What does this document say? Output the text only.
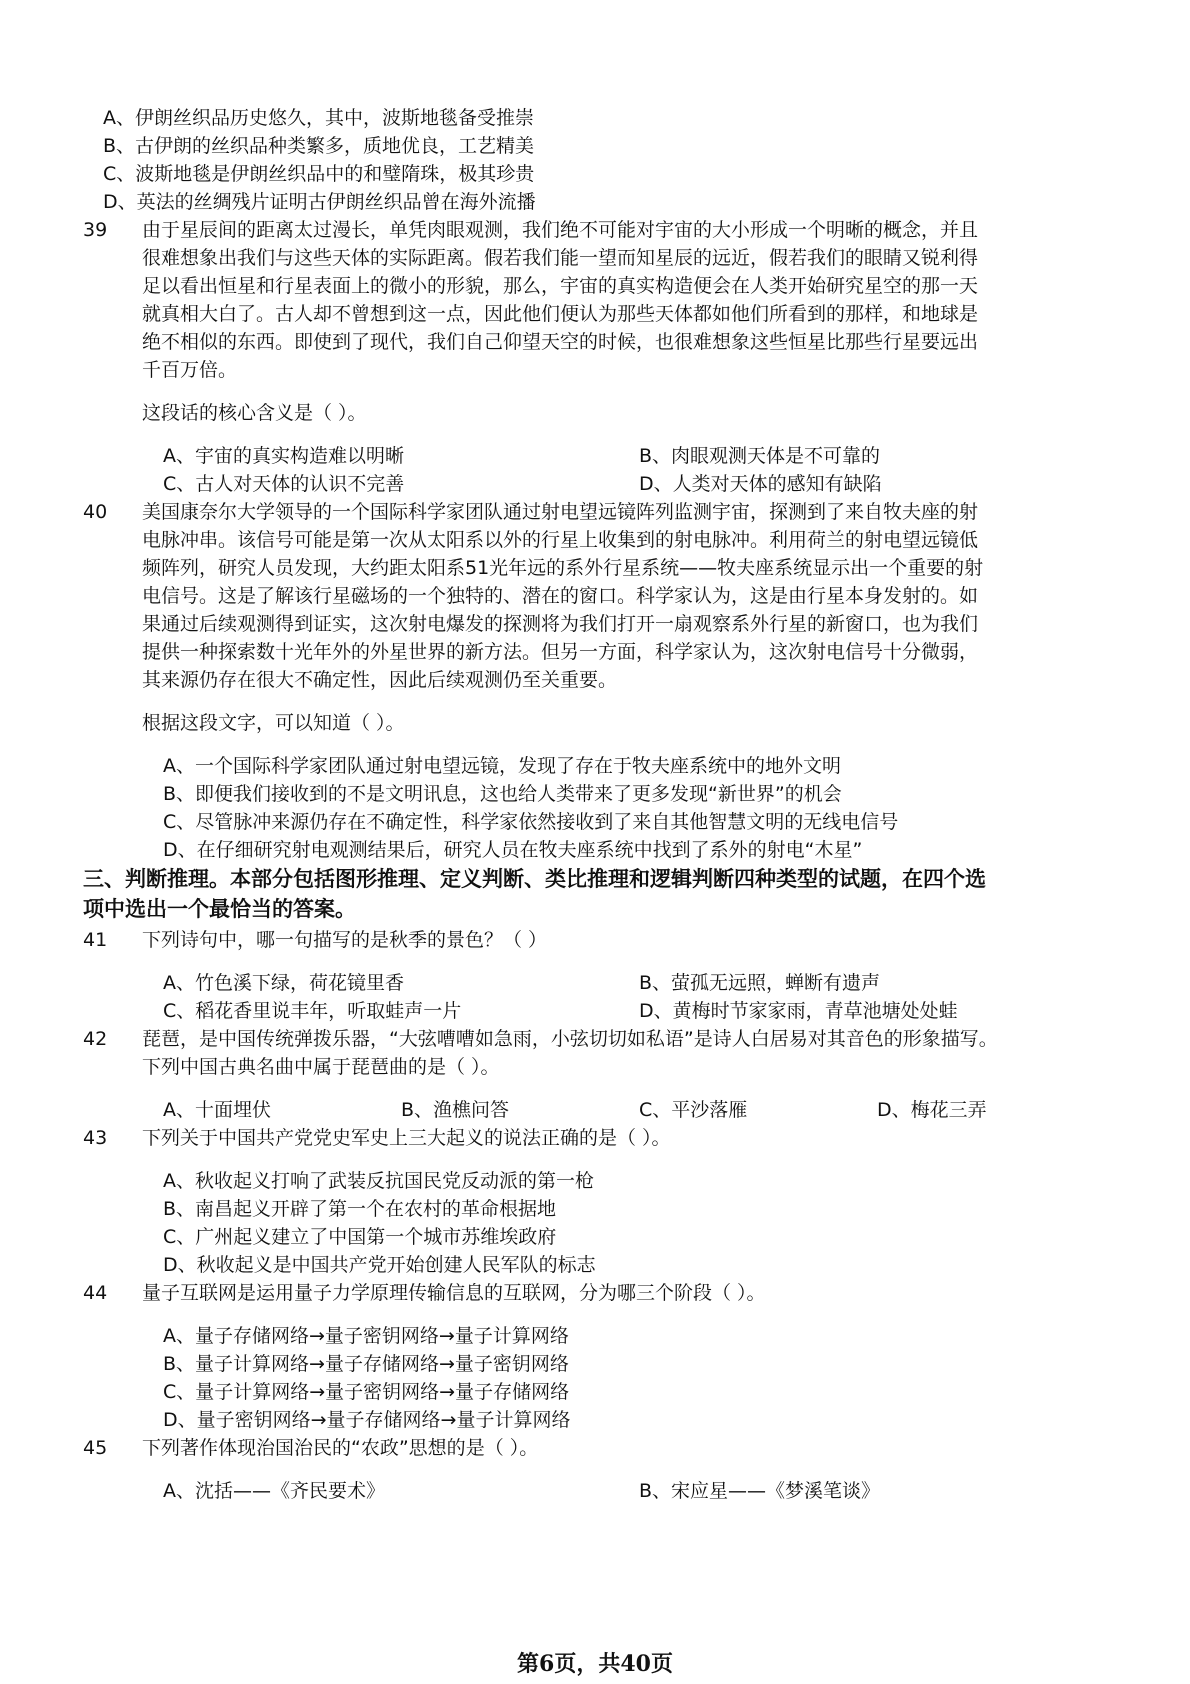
A、伊朗丝织品历史悠久，其中，波斯地毯备受推崇
B、古伊朗的丝织品种类繁多，质地优良，工艺精美
C、波斯地毯是伊朗丝织品中的和璧隋珠，极其珍贵
D、英法的丝绸残片证明古伊朗丝织品曾在海外流播
39 由于星辰间的距离太过漫长，单凭肉眼观测，我们绝不可能对宇宙的大小形成一个明晰的概念，并且
很难想象出我们与这些天体的实际距离。假若我们能一望而知星辰的远近，假若我们的眼睛又锐利得
足以看出恒星和行星表面上的微小的形貌，那么，宇宙的真实构造便会在人类开始研究星空的那一天
就真相大白了。古人却不曾想到这一点，因此他们便认为那些天体都如他们所看到的那样，和地球是
绝不相似的东西。即使到了现代，我们自己仰望天空的时候，也很难想象这些恒星比那些行星要远出
千百万倍。
这段话的核心含义是（ ）。
A、宇宙的真实构造难以明晰	B、肉眼观测天体是不可靠的
C、古人对天体的认识不完善	D、人类对天体的感知有缺陷
40 美国康奈尔大学领导的一个国际科学家团队通过射电望远镜阵列监测宇宙，探测到了来自牧夫座的射
电脉冲串。该信号可能是第一次从太阳系以外的行星上收集到的射电脉冲。利用荷兰的射电望远镜低
频阵列，研究人员发现，大约距太阳系51光年远的系外行星系统——牧夫座系统显示出一个重要的射
电信号。这是了解该行星磁场的一个独特的、潜在的窗口。科学家认为，这是由行星本身发射的。如
果通过后续观测得到证实，这次射电爆发的探测将为我们打开一扇观察系外行星的新窗口，也为我们
提供一种探索数十光年外的外星世界的新方法。但另一方面，科学家认为，这次射电信号十分微弱，
其来源仍存在很大不确定性，因此后续观测仍至关重要。
根据这段文字，可以知道（ ）。
A、一个国际科学家团队通过射电望远镜，发现了存在于牧夫座系统中的地外文明
B、即便我们接收到的不是文明讯息，这也给人类带来了更多发现“新世界”的机会
C、尽管脉冲来源仍存在不确定性，科学家依然接收到了来自其他智慧文明的无线电信号
D、在仔细研究射电观测结果后，研究人员在牧夫座系统中找到了系外的射电“木星”
三、判断推理。本部分包括图形推理、定义判断、类比推理和逻辑判断四种类型的试题，在四个选
项中选出一个最恰当的答案。
41 下列诗句中，哪一句描写的是秋季的景色？（ ）
A、竹色溪下绿，荷花镜里香	B、萤孤无远照，蝉断有遗声
C、稻花香里说丰年，听取蛙声一片	D、黄梅时节家家雨，青草池塘处处蛙
42 琵琶，是中国传统弹拨乐器，“大弦嘈嘈如急雨，小弦切切如私语”是诗人白居易对其音色的形象描写。
下列中国古典名曲中属于琵琶曲的是（ ）。
A、十面埋伏	B、渔樵问答	C、平沙落雁	D、梅花三弄
43 下列关于中国共产党党史军史上三大起义的说法正确的是（ ）。
A、秋收起义打响了武装反抗国民党反动派的第一枪
B、南昌起义开辟了第一个在农村的革命根据地
C、广州起义建立了中国第一个城市苏维埃政府
D、秋收起义是中国共产党开始创建人民军队的标志
44 量子互联网是运用量子力学原理传输信息的互联网，分为哪三个阶段（ ）。
A、量子存储网络→量子密钥网络→量子计算网络
B、量子计算网络→量子存储网络→量子密钥网络
C、量子计算网络→量子密钥网络→量子存储网络
D、量子密钥网络→量子存储网络→量子计算网络
45 下列著作体现治国治民的“农政”思想的是（ ）。
A、沈括——《齐民要术》	B、宋应星——《梦溪笔谈》
第6页，共40页
